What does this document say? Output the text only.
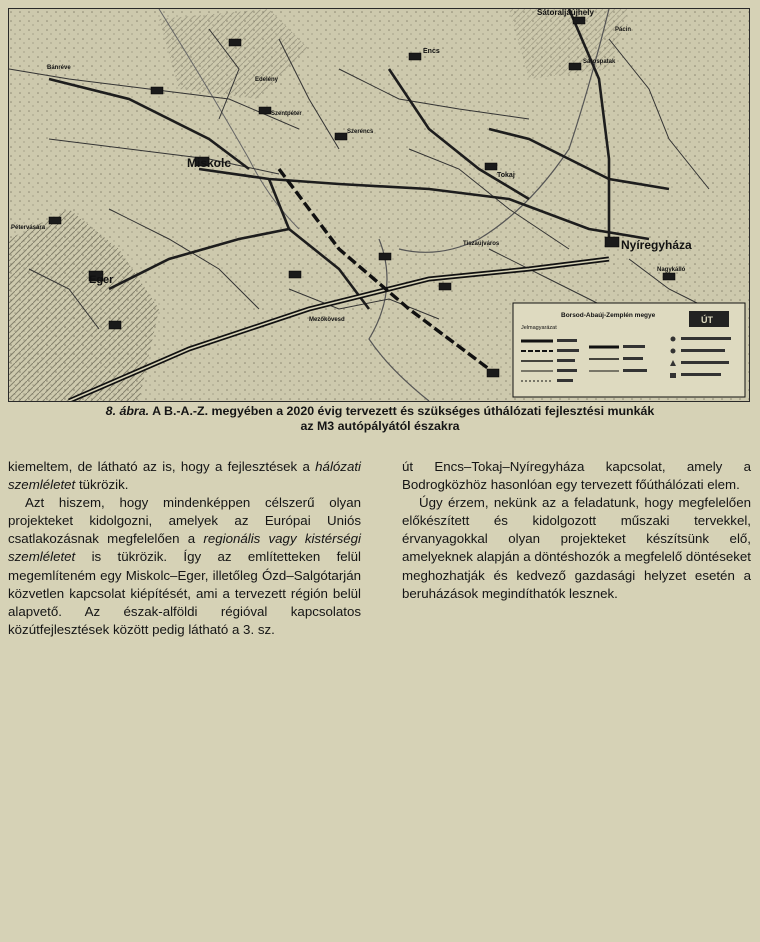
Sátoraljaújhely
Pácin
Bánréve
Edelény
Sárospatak
Encs
Szentpéter
Miskolc
Szerencs
Tokaj
Pétervására
Tiszaújváros	Nyíregyháza
Eger
Nagykálló
Mezőkövesd
Borsod-Abaúj-Zemplén megye
Jelmagyarázat
ÚT
8. ábra. A B.-A.-Z. megyében a 2020 évig tervezett és szükséges úthálózati fejlesztési munkák
az M3 autópályától északra

kiemeltem, de látható az is, hogy a fejlesztések a hálózati szemléletet tükrözik.

Azt hiszem, hogy mindenképpen célszerű olyan projekteket kidolgozni, amelyek az Európai Uniós csatlakozásnak megfelelően a regionális vagy kistérségi szemléletet is tükrözik. Így az említetteken felül megemlíteném egy Miskolc–Eger, illetőleg Ózd–Salgótarján közvetlen kapcsolat kiépítését, ami a tervezett régión belül alapvető. Az észak-alföldi régióval kapcsolatos közútfejlesztések között pedig látható a 3. sz.

út Encs–Tokaj–Nyíregyháza kapcsolat, amely a Bodrogközhöz hasonlóan egy tervezett főúthálózati elem.

Úgy érzem, nekünk az a feladatunk, hogy megfelelően előkészített és kidolgozott műszaki tervekkel, érvanyagokkal olyan projekteket készítsünk elő, amelyeknek alapján a döntéshozók a megfelelő döntéseket meghozhatják és kedvező gazdasági helyzet esetén a beruházások megindíthatók lesznek.
